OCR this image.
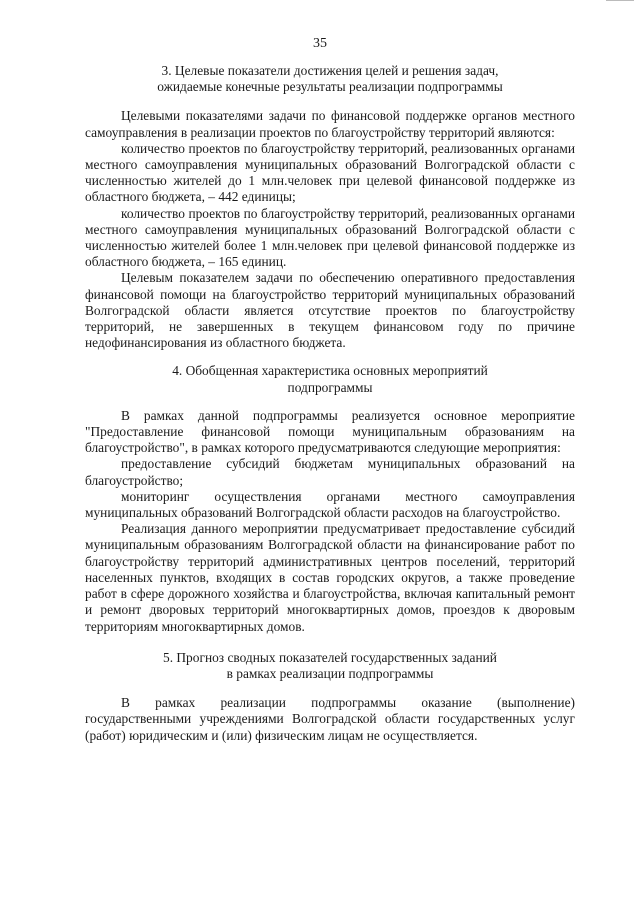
35
3. Целевые показатели достижения целей и решения задач,
ожидаемые конечные результаты реализации подпрограммы

Целевыми показателями задачи по финансовой поддержке органов местного самоуправления в реализации проектов по благоустройству территорий являются:

количество проектов по благоустройству территорий, реализованных органами местного самоуправления муниципальных образований Волгоградской области с численностью жителей до 1 млн.человек при целевой финансовой поддержке из областного бюджета, – 442 единицы;

количество проектов по благоустройству территорий, реализованных органами местного самоуправления муниципальных образований Волгоградской области с численностью жителей более 1 млн.человек при целевой финансовой поддержке из областного бюджета, – 165 единиц.

Целевым показателем задачи по обеспечению оперативного предоставления финансовой помощи на благоустройство территорий муниципальных образований Волгоградской области является отсутствие проектов по благоустройству территорий, не завершенных в текущем финансовом году по причине недофинансирования из областного бюджета.

4. Обобщенная характеристика основных мероприятий
подпрограммы

В рамках данной подпрограммы реализуется основное мероприятие "Предоставление финансовой помощи муниципальным образованиям на благоустройство", в рамках которого предусматриваются следующие мероприятия:

предоставление субсидий бюджетам муниципальных образований на благоустройство;

мониторинг осуществления органами местного самоуправления муниципальных образований Волгоградской области расходов на благоустройство.

Реализация данного мероприятии предусматривает предоставление субсидий муниципальным образованиям Волгоградской области на финансирование работ по благоустройству территорий административных центров поселений, территорий населенных пунктов, входящих в состав городских округов, а также проведение работ в сфере дорожного хозяйства и благоустройства, включая капитальный ремонт и ремонт дворовых территорий многоквартирных домов, проездов к дворовым территориям многоквартирных домов.

5. Прогноз сводных показателей государственных заданий
в рамках реализации подпрограммы

В рамках реализации подпрограммы оказание (выполнение) государственными учреждениями Волгоградской области государственных услуг (работ) юридическим и (или) физическим лицам не осуществляется.
